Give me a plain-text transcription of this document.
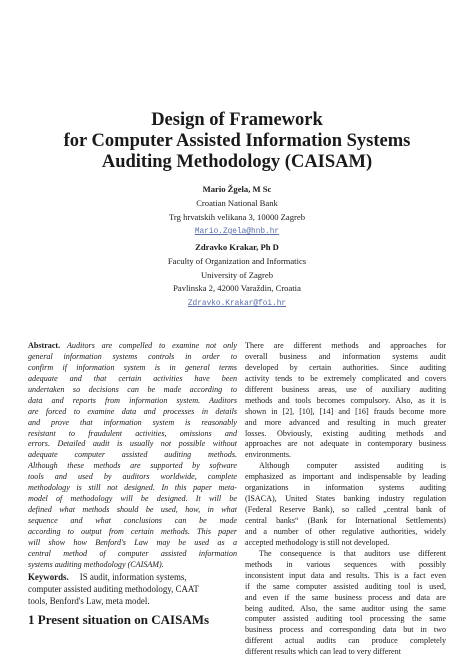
Design of Framework
for Computer Assisted Information Systems
Auditing Methodology (CAISAM)
Mario Žgela, M Sc
Croatian National Bank
Trg hrvatskih velikana 3, 10000 Zagreb
Mario.Zgela@hnb.hr
Zdravko Krakar, Ph D
Faculty of Organization and Informatics
University of Zagreb
Pavlinska 2, 42000 Varaždin, Croatia
Zdravko.Krakar@foi.hr
Abstract. Auditors are compelled to examine not only
general information systems controls in order to
confirm if information system is in general terms
adequate and that certain activities have been
undertaken so decisions can be made according to
data and reports from information system. Auditors
are forced to examine data and processes in details
and prove that information system is reasonably
resistant to fraudulent activities, omissions and
errors. Detailed audit is usually not possible without
adequate computer assisted auditing methods.
Although these methods are supported by software
tools and used by auditors worldwide, complete
methodology is still not designed. In this paper meta-
model of methodology will be designed. It will be
defined what methods should be used, how, in what
sequence and what conclusions can be made
according to output from certain methods. This paper
will show how Benford's Law may be used as a
central method of computer assisted information
systems auditing methodology (CAISAM).
Keywords.     IS audit, information systems,
computer assisted auditing methodology, CAAT
tools, Benford's Law, meta model.
1 Present situation on CAISAMs
There are different methods and approaches for
overall business and information systems audit
developed by certain authorities. Since auditing
activity tends to be extremely complicated and covers
different business areas, use of auxiliary auditing
methods and tools becomes compulsory. Also, as it is
shown in [2], [10], [14] and [16] frauds become more
and more advanced and resulting in much greater
losses. Obviously, existing auditing methods and
approaches are not adequate in contemporary business
environments.
Although computer assisted auditing is
emphasized as important and indispensable by leading
organizations in information systems auditing
(ISACA), United States banking industry regulation
(Federal Reserve Bank), so called „central bank of
central banks“ (Bank for International Settlements)
and a number of other regulative authorities, widely
accepted methodology is still not developed.
The consequence is that auditors use different
methods in various sequences with possibly
inconsistent input data and results. This is a fact even
if the same computer assisted auditing tool is used,
and even if the same business process and data are
being audited. Also, the same auditor using the same
computer assisted auditing tool processing the same
business process and corresponding data but in two
different actual audits can produce completely
different results which can lead to very different
